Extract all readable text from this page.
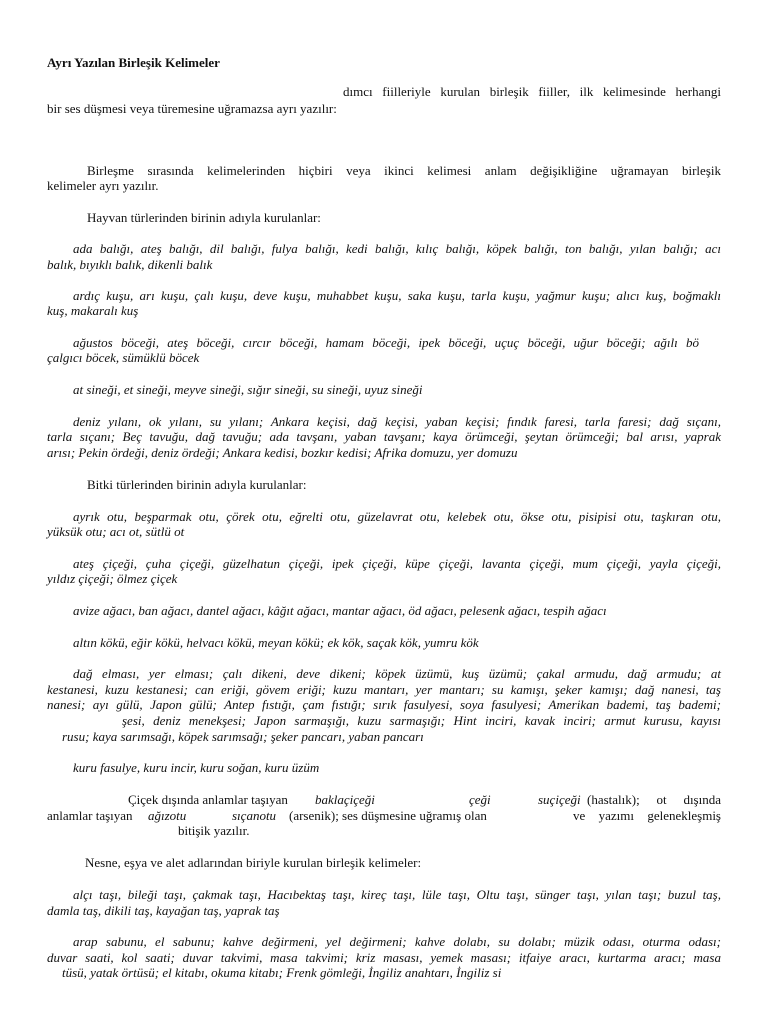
Ayrı Yazılan Birleşik Kelimeler
dımcı fiilleriyle kurulan birleşik fiiller, ilk kelimesinde herhangi
bir ses düşmesi veya türemesine uğramazsa ayrı yazılır:
Birleşme sırasında kelimelerinden hiçbiri veya ikinci kelimesi anlam değişikliğine uğramayan birleşik
kelimeler ayrı yazılır.
Hayvan türlerinden birinin adıyla kurulanlar:
ada balığı, ateş balığı, dil balığı, fulya balığı, kedi balığı, kılıç balığı, köpek balığı, ton balığı, yılan balığı; acı
balık, bıyıklı balık, dikenli balık
ardıç kuşu, arı kuşu, çalı kuşu, deve kuşu, muhabbet kuşu, saka kuşu, tarla kuşu, yağmur kuşu; alıcı kuş, boğmaklı
kuş, makaralı kuş
ağustos böceği, ateş böceği, cırcır böceği, hamam böceği, ipek böceği, uçuç böceği, uğur böceği; ağılı bö
çalgıcı böcek, sümüklü böcek
at sineği, et sineği, meyve sineği, sığır sineği, su sineği, uyuz sineği
deniz yılanı, ok yılanı, su yılanı; Ankara keçisi, dağ keçisi, yaban keçisi; fındık faresi, tarla faresi; dağ sıçanı,
tarla sıçanı; Beç tavuğu, dağ tavuğu; ada tavşanı, yaban tavşanı; kaya örümceği, şeytan örümceği; bal arısı, yaprak
arısı; Pekin ördeği, deniz ördeği; Ankara kedisi, bozkır kedisi; Afrika domuzu, yer domuzu
Bitki türlerinden birinin adıyla kurulanlar:
ayrık otu, beşparmak otu, çörek otu, eğrelti otu, güzelavrat otu, kelebek otu, ökse otu, pisipisi otu, taşkıran otu,
yüksük otu; acı ot, sütlü ot
ateş çiçeği, çuha çiçeği, güzelhatun çiçeği, ipek çiçeği, küpe çiçeği, lavanta çiçeği, mum çiçeği, yayla çiçeği,
yıldız çiçeği; ölmez çiçek
avize ağacı, ban ağacı, dantel ağacı, kâğıt ağacı, mantar ağacı, öd ağacı, pelesenk ağacı, tespih ağacı
altın kökü, eğir kökü, helvacı kökü, meyan kökü; ek kök, saçak kök, yumru kök
dağ elması, yer elması; çalı dikeni, deve dikeni; köpek üzümü, kuş üzümü; çakal armudu, dağ armudu; at
kestanesi, kuzu kestanesi; can eriği, gövem eriği; kuzu mantarı, yer mantarı; su kamışı, şeker kamışı; dağ nanesi, taş
nanesi; ayı gülü, Japon gülü; Antep fıstığı, çam fıstığı; sırık fasulyesi, soya fasulyesi; Amerikan bademi, taş bademi;
şesi, deniz menekşesi; Japon sarmaşığı, kuzu sarmaşığı; Hint inciri, kavak inciri; armut kurusu, kayısı
rusu; kaya sarımsağı, köpek sarımsağı; şeker pancarı, yaban pancarı
kuru fasulye, kuru incir, kuru soğan, kuru üzüm
Çiçek dışında anlamlar taşıyan baklaçiçeği	çeği	suçiçeği (hastalık); ot dışında
anlamlar taşıyan ağızotu	sıçanotu (arsenik); ses düşmesine uğramış olan	ve yazımı gelenekleşmiş
bitişik yazılır.
Nesne, eşya ve alet adlarından biriyle kurulan birleşik kelimeler:
alçı taşı, bileği taşı, çakmak taşı, Hacıbektaş taşı, kireç taşı, lüle taşı, Oltu taşı, sünger taşı, yılan taşı; buzul taş,
damla taş, dikili taş, kayağan taş, yaprak taş
arap sabunu, el sabunu; kahve değirmeni, yel değirmeni; kahve dolabı, su dolabı; müzik odası, oturma odası;
duvar saati, kol saati; duvar takvimi, masa takvimi; kriz masası, yemek masası; itfaiye aracı, kurtarma aracı; masa
tüsü, yatak örtüsü; el kitabı, okuma kitabı; Frenk gömleği, İngiliz anahtarı, İngiliz si
